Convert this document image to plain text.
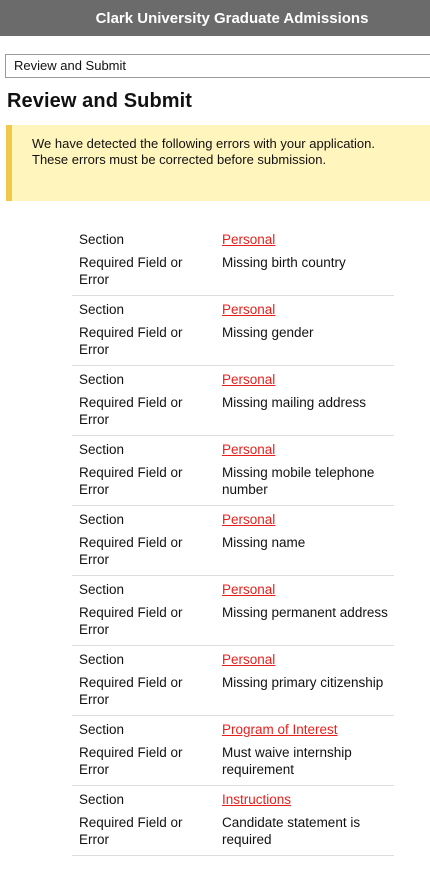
Clark University Graduate Admissions
Review and Submit
Review and Submit
We have detected the following errors with your application.
These errors must be corrected before submission.
Section
Required Field or Error
Personal
Missing birth country
Section
Required Field or Error
Personal
Missing gender
Section
Required Field or Error
Personal
Missing mailing address
Section
Required Field or Error
Personal
Missing mobile telephone number
Section
Required Field or Error
Personal
Missing name
Section
Required Field or Error
Personal
Missing permanent address
Section
Required Field or Error
Personal
Missing primary citizenship
Section
Required Field or Error
Program of Interest
Must waive internship requirement
Section
Required Field or Error
Instructions
Candidate statement is required
